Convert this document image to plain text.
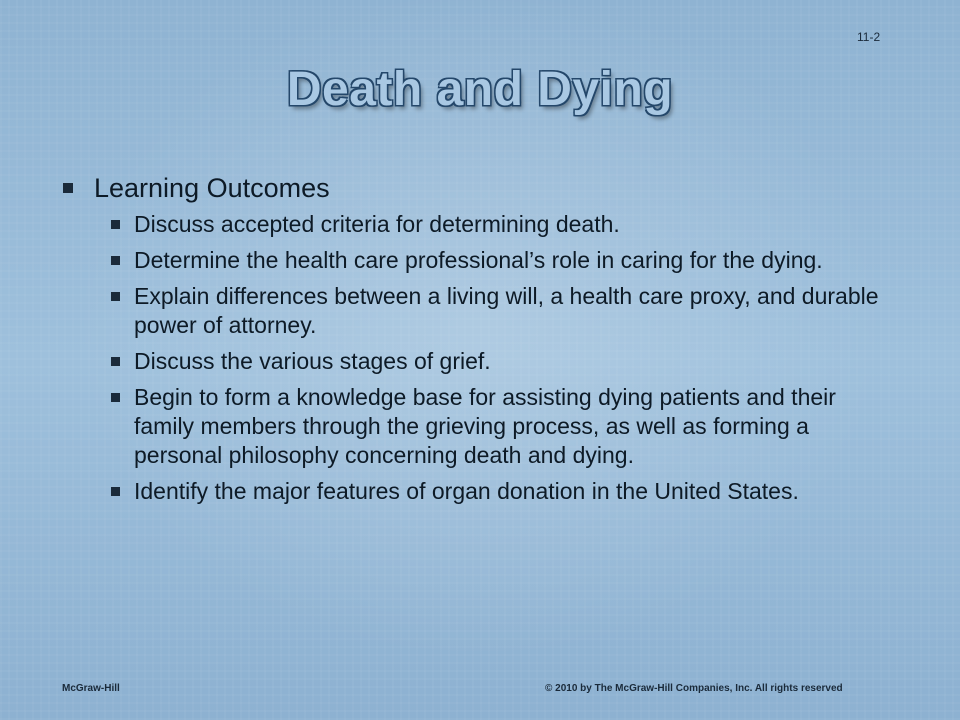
11-2
Death and Dying
Learning Outcomes
Discuss accepted criteria for determining death.
Determine the health care professional’s role in caring for the dying.
Explain differences between a living will, a health care proxy, and durable power of attorney.
Discuss the various stages of grief.
Begin to form a knowledge base for assisting dying patients and their family members through the grieving process, as well as forming a personal philosophy concerning death and dying.
Identify the major features of organ donation in the United States.
McGraw-Hill	© 2010 by The McGraw-Hill Companies, Inc. All rights reserved
